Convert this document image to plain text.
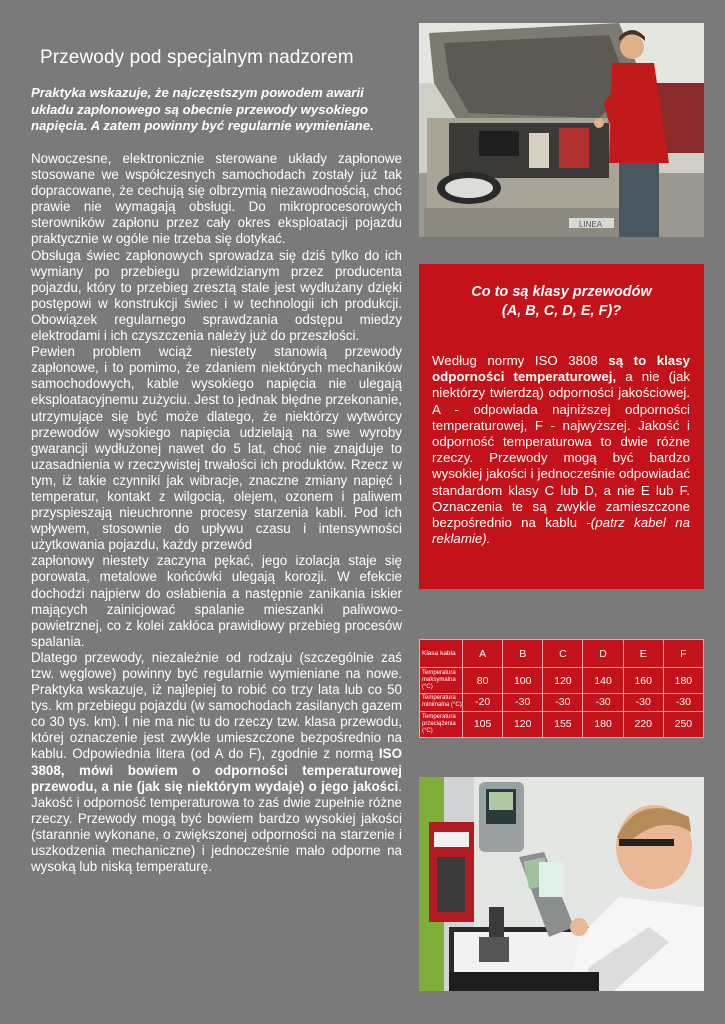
Przewody pod specjalnym nadzorem

Praktyka wskazuje, że najczęstszym powodem awarii układu zapłonowego są obecnie przewody wysokiego napięcia. A zatem powinny być regularnie wymieniane.

Nowoczesne, elektronicznie sterowane układy zapłonowe stosowane we współczesnych samochodach zostały już tak dopracowane, że cechują się olbrzymią niezawodnością, choć prawie nie wymagają obsługi. Do mikroprocesorowych sterowników zapłonu przez cały okres eksploatacji pojazdu praktycznie w ogóle nie trzeba się dotykać.

Obsługa świec zapłonowych sprowadza się dziś tylko do ich wymiany po przebiegu przewidzianym przez producenta pojazdu, który to przebieg zresztą stale jest wydłużany dzięki postępowi w konstrukcji świec i w technologii ich produkcji. Obowiązek regularnego sprawdzania odstępu miedzy elektrodami i ich czyszczenia należy już do przeszłości.

Pewien problem wciąż niestety stanowią przewody zapłonowe, i to pomimo, że zdaniem niektórych mechaników samochodowych, kable wysokiego napięcia nie ulegają eksploatacyjnemu zużyciu. Jest to jednak błędne przekonanie, utrzymujące się być może dlatego, że niektórzy wytwórcy przewodów wysokiego napięcia udzielają na swe wyroby gwarancji wydłużonej nawet do 5 lat, choć nie znajduje to uzasadnienia w rzeczywistej trwałości ich produktów. Rzecz w tym, iż takie czynniki jak wibracje, znaczne zmiany napięć i temperatur, kontakt z wilgocią, olejem, ozonem i paliwem przyspieszają nieuchronne procesy starzenia kabli. Pod ich wpływem, stosownie do upływu czasu i intensywności użytkowania pojazdu, każdy przewód

zapłonowy niestety zaczyna pękać, jego izolacja staje się porowata, metalowe końcówki ulegają korozji. W efekcie dochodzi najpierw do osłabienia a następnie zanikania iskier mających zainicjować spalanie mieszanki paliwowo-powietrznej, co z kolei zakłóca prawidłowy przebieg procesów spalania.

Dlatego przewody, niezależnie od rodzaju (szczególnie zaś tzw. węglowe) powinny być regularnie wymieniane na nowe. Praktyka wskazuje, iż najlepiej to robić co trzy lata lub co 50 tys. km przebiegu pojazdu (w samochodach zasilanych gazem co 30 tys. km). I nie ma nic tu do rzeczy tzw. klasa przewodu, której oznaczenie jest zwykle umieszczone bezpośrednio na kablu. Odpowiednia litera (od A do F), zgodnie z normą ISO 3808, mówi bowiem o odporności temperaturowej przewodu, a nie (jak się niektórym wydaje) o jego jakości. Jakość i odporność temperaturowa to zaś dwie zupełnie różne rzeczy. Przewody mogą być bowiem bardzo wysokiej jakości (starannie wykonane, o zwiększonej odporności na starzenie i uszkodzenia mechaniczne) i jednocześnie mało odporne na wysoką lub niską temperaturę.

LINEA
Co to są klasy przewodów
(A, B, C, D, E, F)?

Według normy ISO 3808 są to klasy odporności temperaturowej, a nie (jak niektórzy twierdzą) odporności jakościowej. A - odpowiada najniższej odporności temperaturowej, F - najwyższej. Jakość i odporność temperaturowa to dwie różne rzeczy. Przewody mogą być bardzo wysokiej jakości i jednocześnie odpowiadać standardom klasy C lub D, a nie E lub F. Oznaczenia te są zwykle zamieszczone bezpośrednio na kablu -(patrz kabel na reklamie).

Klasa kabla	A	B	C	D	E	F
Temperatura maksymalna (°C)	80	100	120	140	160	180
Temperatura minimalna (°C)	-20	-30	-30	-30	-30	-30
Temperatura przeciążenia (°C)	105	120	155	180	220	250
